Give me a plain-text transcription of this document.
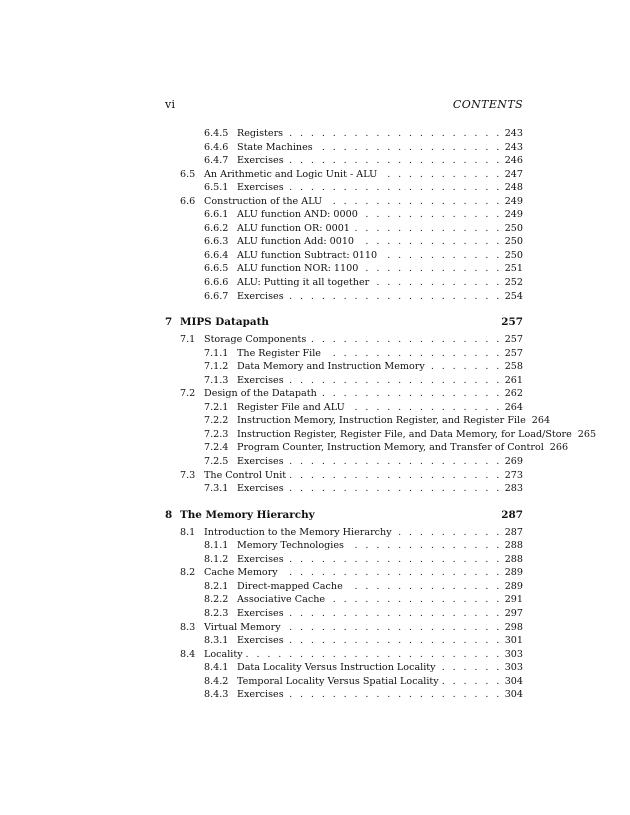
vi	CONTENTS
6.4.5 Registers . . .	243
6.4.6 State Machines . . .	243
6.4.7 Exercises . . .	246
6.5 An Arithmetic and Logic Unit - ALU . . .	247
6.5.1 Exercises . . .	248
6.6 Construction of the ALU . . .	249
6.6.1 ALU function AND: 0000 . . .	249
6.6.2 ALU function OR: 0001 . . .	250
6.6.3 ALU function Add: 0010 . . .	250
6.6.4 ALU function Subtract: 0110 . . .	250
6.6.5 ALU function NOR: 1100 . . .	251
6.6.6 ALU: Putting it all together . . .	252
6.6.7 Exercises . . .	254
7 MIPS Datapath	257
7.1 Storage Components . . .	257
7.1.1 The Register File . . .	257
7.1.2 Data Memory and Instruction Memory . . .	258
7.1.3 Exercises . . .	261
7.2 Design of the Datapath . . .	262
7.2.1 Register File and ALU . . .	264
7.2.2 Instruction Memory, Instruction Register, and Register File 264
7.2.3 Instruction Register, Register File, and Data Memory, for Load/Store 265
7.2.4 Program Counter, Instruction Memory, and Transfer of Control 266
7.2.5 Exercises . . .	269
7.3 The Control Unit . . .	273
7.3.1 Exercises . . .	283
8 The Memory Hierarchy	287
8.1 Introduction to the Memory Hierarchy . . .	287
8.1.1 Memory Technologies . . .	288
8.1.2 Exercises . . .	288
8.2 Cache Memory . . .	289
8.2.1 Direct-mapped Cache . . .	289
8.2.2 Associative Cache . . .	291
8.2.3 Exercises . . .	297
8.3 Virtual Memory . . .	298
8.3.1 Exercises . . .	301
8.4 Locality . . .	303
8.4.1 Data Locality Versus Instruction Locality . . .	303
8.4.2 Temporal Locality Versus Spatial Locality . . .	304
8.4.3 Exercises . . .	304
